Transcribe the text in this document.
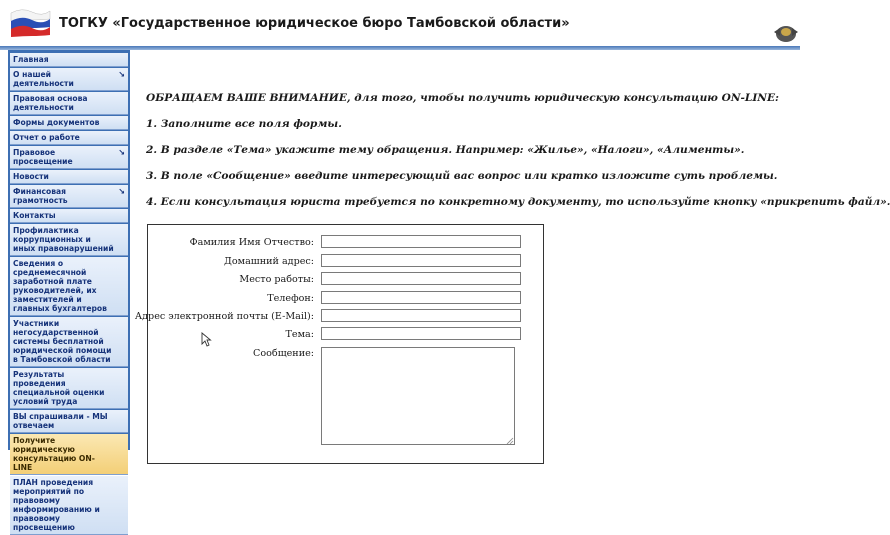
ТОГКУ «Государственное юридическое бюро Тамбовской области»
Главная
О нашей деятельности
↘
Правовая основа деятельности
Формы документов
Отчет о работе
Правовое просвещение
↘
Новости
Финансовая грамотность
↘
Контакты
Профилактика коррупционных и иных правонарушений
Сведения о среднемесячной заработной плате руководителей, их заместителей и главных бухгалтеров
Участники негосударственной системы бесплатной юридической помощи в Тамбовской области
Результаты проведения специальной оценки условий труда
ВЫ спрашивали - МЫ отвечаем
Получите юридическую консультацию ON-LINE
ПЛАН проведения мероприятий по правовому информированию и правовому просвещению
ОБРАЩАЕМ ВАШЕ ВНИМАНИЕ, для того, чтобы получить юридическую консультацию ON-LINE:
1. Заполните все поля формы.
2. В разделе «Тема» укажите тему обращения. Например: «Жилье», «Налоги», «Алименты».
3. В поле «Сообщение» введите интересующий вас вопрос или кратко изложите суть проблемы.
4. Если консультация юриста требуется по конкретному документу, то используйте кнопку «прикрепить файл».
Фамилия Имя Отчество:
Домашний адрес:
Место работы:
Телефон:
Адрес электронной почты (E-Mail):
Тема:
Сообщение:
